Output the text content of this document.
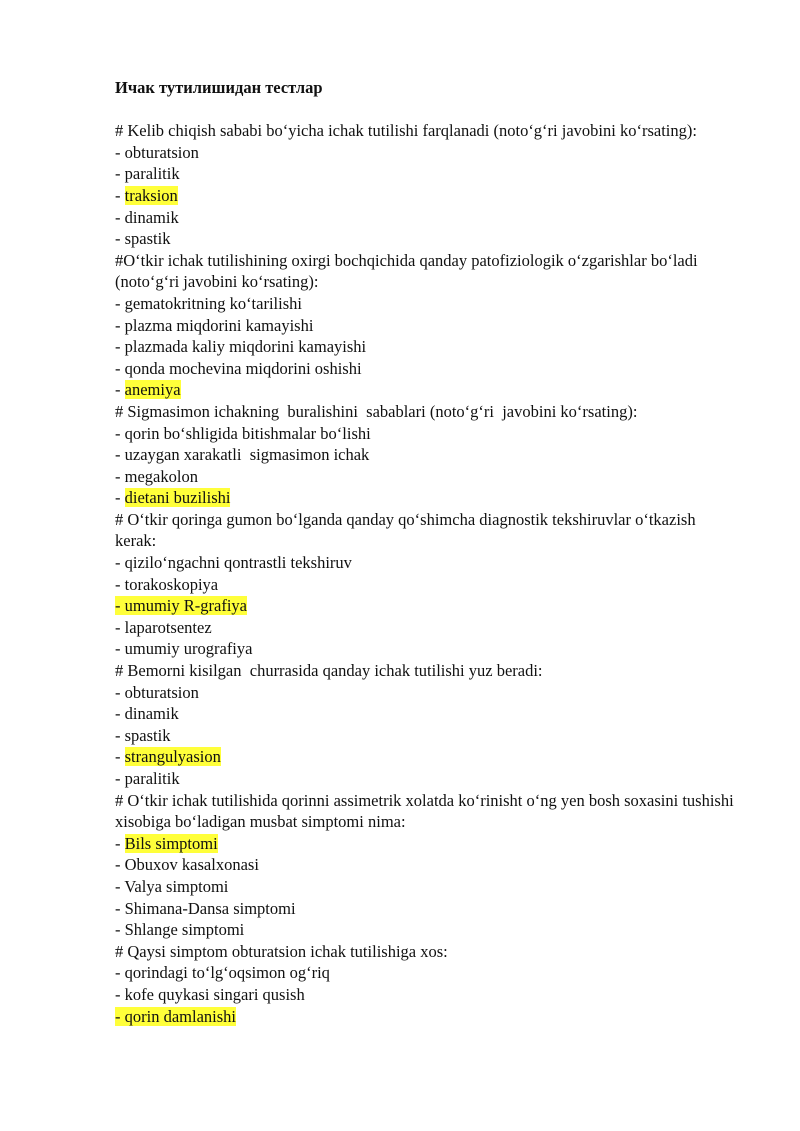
Ичак тутилишидан тестлар

# Kelib chiqish sababi bo‘yicha ichak tutilishi farqlanadi (noto‘g‘ri javobini ko‘rsating):

- obturatsion

- paralitik

- traksion

- dinamik

- spastik

#O‘tkir ichak tutilishining oxirgi bochqichida qanday patofiziologik o‘zgarishlar bo‘ladi (noto‘g‘ri javobini ko‘rsating):

- gematokritning ko‘tarilishi

- plazma miqdorini kamayishi

- plazmada kaliy miqdorini kamayishi

- qonda mochevina miqdorini oshishi

- anemiya

# Sigmasimon ichakning  buralishini  sabablari (noto‘g‘ri  javobini ko‘rsating):

- qorin bo‘shligida bitishmalar bo‘lishi

- uzaygan xarakatli  sigmasimon ichak

- megakolon

- dietani buzilishi

# O‘tkir qoringa gumon bo‘lganda qanday qo‘shimcha diagnostik tekshiruvlar o‘tkazish kerak:

- qizilo‘ngachni qontrastli tekshiruv

- torakoskopiya

- umumiy R-grafiya

- laparotsentez

- umumiy urografiya

# Bemorni kisilgan  churrasida qanday ichak tutilishi yuz beradi:

- obturatsion

- dinamik

- spastik

- strangulyasion

- paralitik

# O‘tkir ichak tutilishida qorinni assimetrik xolatda ko‘rinisht o‘ng yen bosh soxasini tushishi xisobiga bo‘ladigan musbat simptomi nima:

- Bils simptomi

- Obuxov kasalxonasi

- Valya simptomi

- Shimana-Dansa simptomi

- Shlange simptomi

# Qaysi simptom obturatsion ichak tutilishiga xos:

- qorindagi to‘lg‘oqsimon og‘riq

- kofe quykasi singari qusish

- qorin damlanishi
